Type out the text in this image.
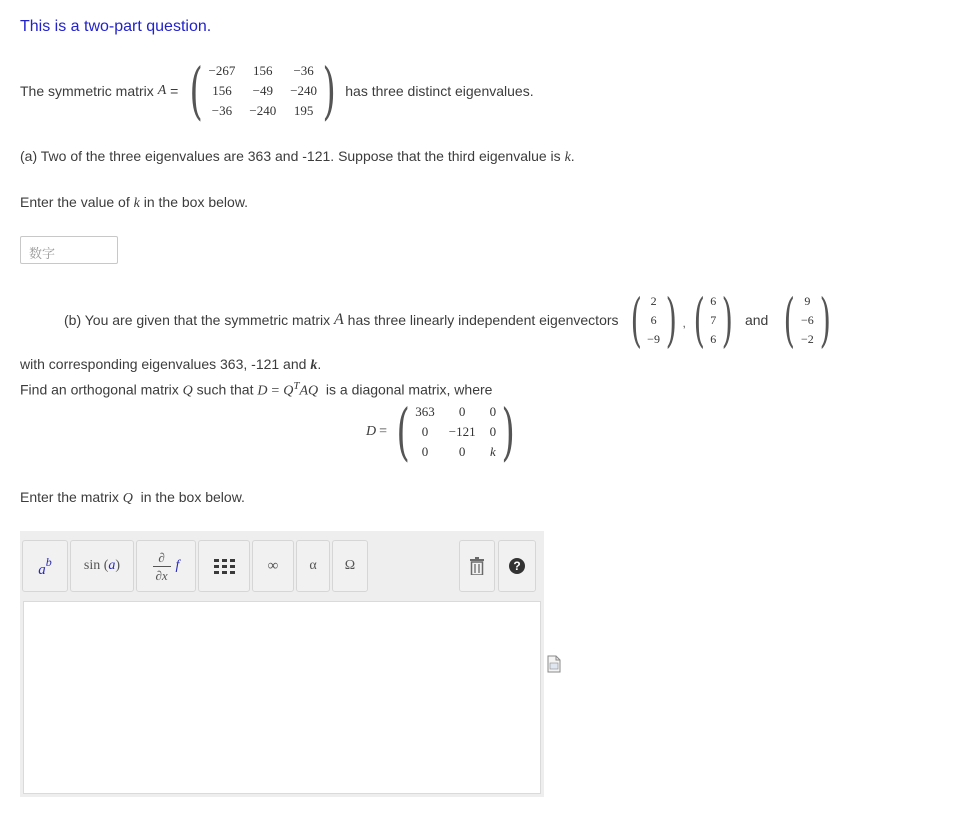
This is a two-part question.
The symmetric matrix
A
= ( −267 156 −36
156 −49 −240
−36 −240 195 ) has three distinct eigenvalues.
(a) Two of the three eigenvalues are 363 and -121. Suppose that the third eigenvalue is k.
Enter the value of k in the box below.
数字
(b) You are given that the symmetric matrix
A
has three linearly independent eigenvectors ( 2
6
−9 ) , ( 6
7
6 ) and ( 9
−6
−2 )
with corresponding eigenvalues 363, -121 and k.
Find an orthogonal matrix Q such that $D = Q^TAQ$ is a diagonal matrix, where
D = ( 363	0	0
0	−121 0
0	0	k )
Enter the matrix Q in the box below.
a b sin ( a )
∂
∂x
f	∞ α Ω	?
